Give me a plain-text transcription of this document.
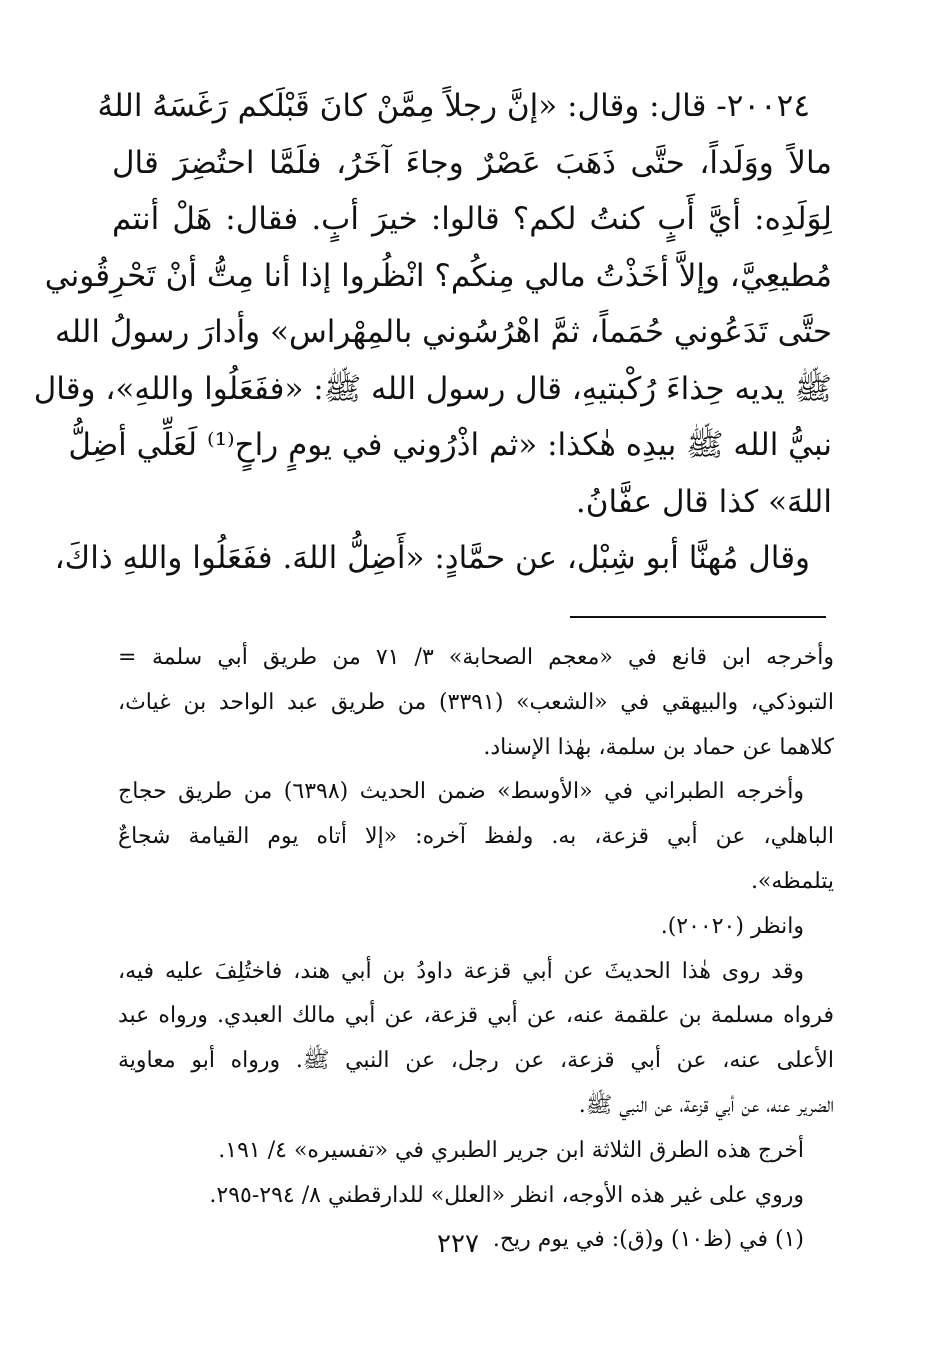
٢٠٠٢٤- قال: وقال: «إنَّ رجلاً مِمَّنْ كانَ قَبْلَكم رَغَسَهُ اللهُ
مالاً ووَلَداً، حتَّى ذَهَبَ عَصْرٌ وجاءَ آخَرُ، فلَمَّا احتُضِرَ قال
لِوَلَدِه: أيَّ أَبٍ كنتُ لكم؟ قالوا: خيرَ أبٍ. فقال: هَلْ أنتم
مُطيعِيَّ، وإلاَّ أخَذْتُ مالي مِنكُم؟ انْظُروا إذا أنا مِتُّ أنْ تَحْرِقُوني
حتَّى تَدَعُوني حُمَماً، ثمَّ اهْرُسُوني بالمِهْراس» وأدارَ رسولُ الله
ﷺ يديه حِذاءَ رُكْبتيهِ، قال رسول الله ﷺ: «ففَعَلُوا واللهِ»، وقال
نبيُّ الله ﷺ بيدِه هٰكذا: «ثم اذْرُوني في يومٍ راحٍ⁽¹⁾ لَعَلِّي أضِلُّ
اللهَ» كذا قال عفَّانُ.
وقال مُهنَّا أبو شِبْل، عن حمَّادٍ: «أَضِلُّ اللهَ. ففَعَلُوا واللهِ ذاكَ،
= وأخرجه ابن قانع في «معجم الصحابة» ٣/ ٧١ من طريق أبي سلمة
التبوذكي، والبيهقي في «الشعب» (٣٣٩١) من طريق عبد الواحد بن غياث،
كلاهما عن حماد بن سلمة، بهٰذا الإسناد.
وأخرجه الطبراني في «الأوسط» ضمن الحديث (٦٣٩٨) من طريق حجاج
الباهلي، عن أبي قزعة، به. ولفظ آخره: «إلا أتاه يوم القيامة شجاعٌ
يتلمظه».
وانظر (٢٠٠٢٠).
وقد روى هٰذا الحديثَ عن أبي قزعة داودُ بن أبي هند، فاختُلِفَ عليه فيه،
فرواه مسلمة بن علقمة عنه، عن أبي قزعة، عن أبي مالك العبدي. ورواه عبد
الأعلى عنه، عن أبي قزعة، عن رجل، عن النبي ﷺ. ورواه أبو معاوية
الضرير عنه، عن أبي قزعة، عن النبي ﷺ.
أخرج هذه الطرق الثلاثة ابن جرير الطبري في «تفسيره» ٤/ ١٩١.
وروي على غير هذه الأوجه، انظر «العلل» للدارقطني ٨/ ٢٩٤-٢٩٥.
(١) في (ظ١٠) و(ق): في يوم ريح.
٢٢٧
